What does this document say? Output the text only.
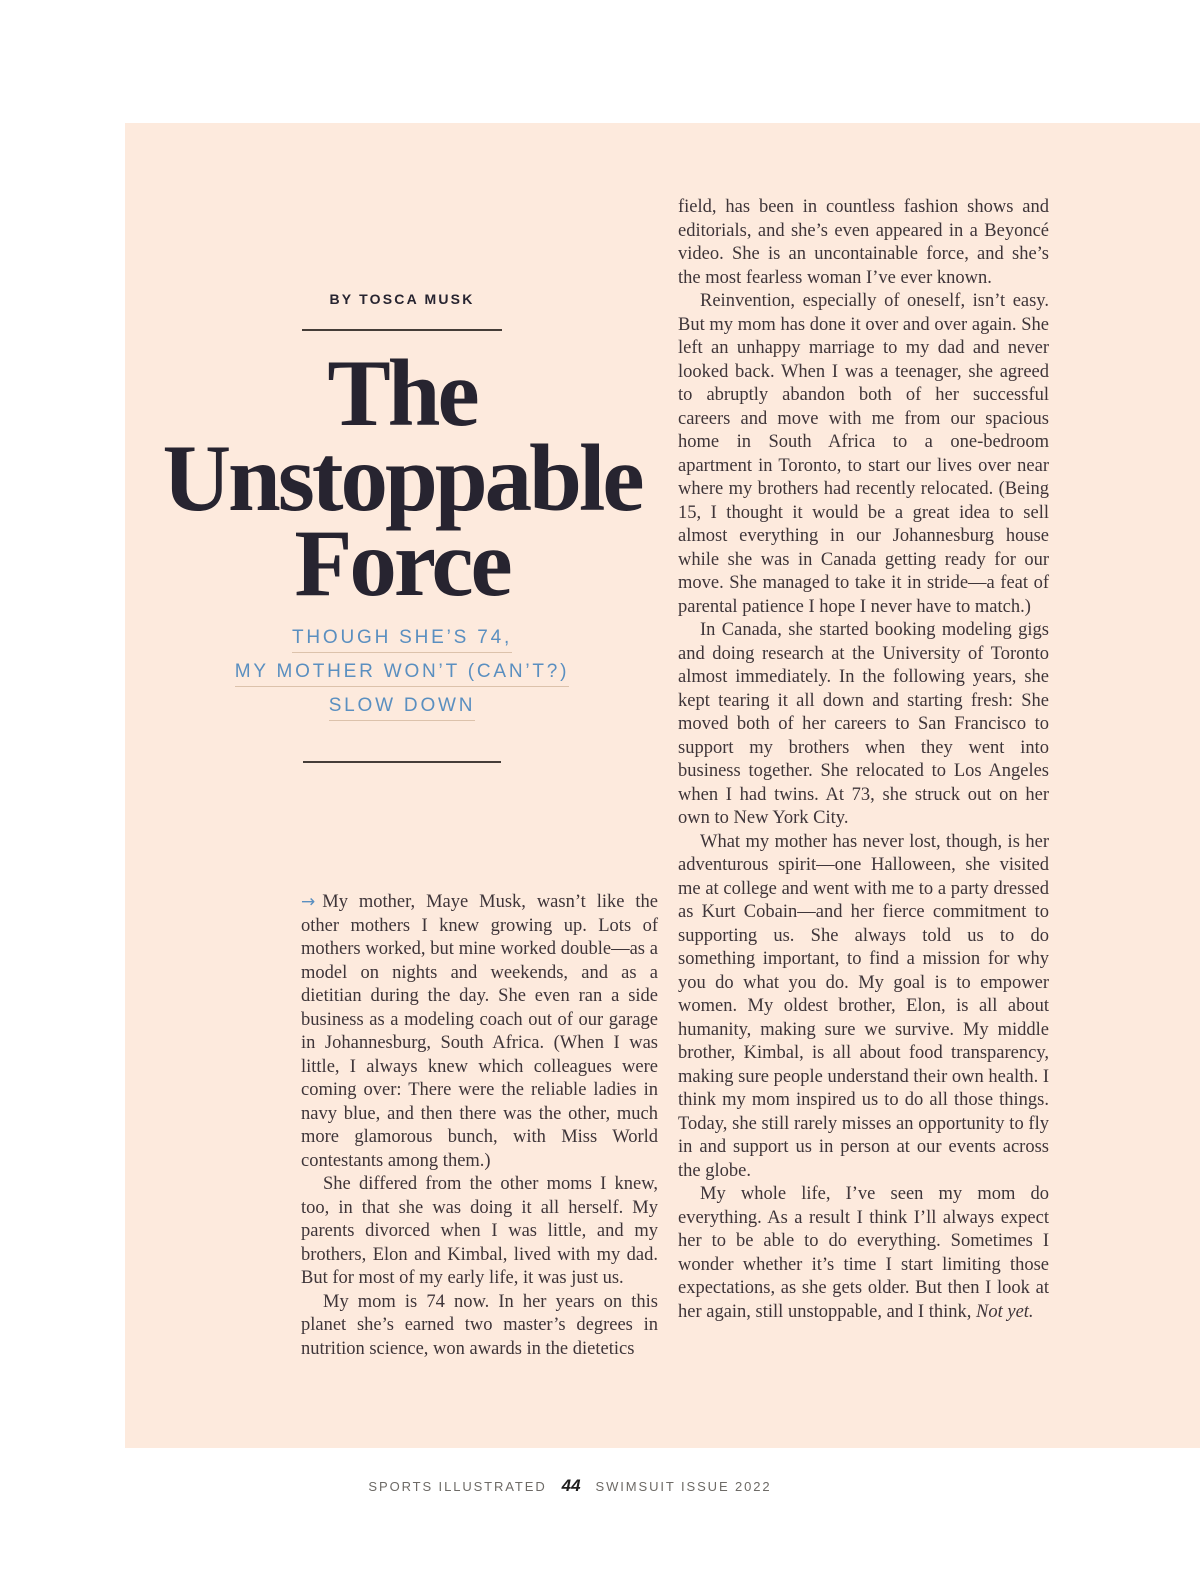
BY TOSCA MUSK
The
Unstoppable
Force
THOUGH SHE’S 74,
MY MOTHER WON’T (CAN’T?)
SLOW DOWN

→ My mother, Maye Musk, wasn’t like the other mothers I knew growing up. Lots of mothers worked, but mine worked double—as a model on nights and weekends, and as a dietitian during the day. She even ran a side business as a modeling coach out of our garage in Johannesburg, South Africa. (When I was little, I always knew which colleagues were coming over: There were the reliable ladies in navy blue, and then there was the other, much more glamorous bunch, with Miss World contestants among them.)

She differed from the other moms I knew, too, in that she was doing it all herself. My parents divorced when I was little, and my brothers, Elon and Kimbal, lived with my dad. But for most of my early life, it was just us.

My mom is 74 now. In her years on this planet she’s earned two master’s degrees in nutrition science, won awards in the dietetics

field, has been in countless fashion shows and editorials, and she’s even appeared in a Beyoncé video. She is an uncontainable force, and she’s the most fearless woman I’ve ever known.

Reinvention, especially of oneself, isn’t easy. But my mom has done it over and over again. She left an unhappy marriage to my dad and never looked back. When I was a teenager, she agreed to abruptly abandon both of her successful careers and move with me from our spacious home in South Africa to a one-bedroom apartment in Toronto, to start our lives over near where my brothers had recently relocated. (Being 15, I thought it would be a great idea to sell almost everything in our Johannesburg house while she was in Canada getting ready for our move. She managed to take it in stride—a feat of parental patience I hope I never have to match.)

In Canada, she started booking modeling gigs and doing research at the University of Toronto almost immediately. In the following years, she kept tearing it all down and starting fresh: She moved both of her careers to San Francisco to support my brothers when they went into business together. She relocated to Los Angeles when I had twins. At 73, she struck out on her own to New York City.

What my mother has never lost, though, is her adventurous spirit—one Halloween, she visited me at college and went with me to a party dressed as Kurt Cobain—and her fierce commitment to supporting us. She always told us to do something important, to find a mission for why you do what you do. My goal is to empower women. My oldest brother, Elon, is all about humanity, making sure we survive. My middle brother, Kimbal, is all about food transparency, making sure people understand their own health. I think my mom inspired us to do all those things. Today, she still rarely misses an opportunity to fly in and support us in person at our events across the globe.

My whole life, I’ve seen my mom do everything. As a result I think I’ll always expect her to be able to do everything. Sometimes I wonder whether it’s time I start limiting those expectations, as she gets older. But then I look at her again, still unstoppable, and I think, Not yet.

SPORTS ILLUSTRATED 44 SWIMSUIT ISSUE 2022
